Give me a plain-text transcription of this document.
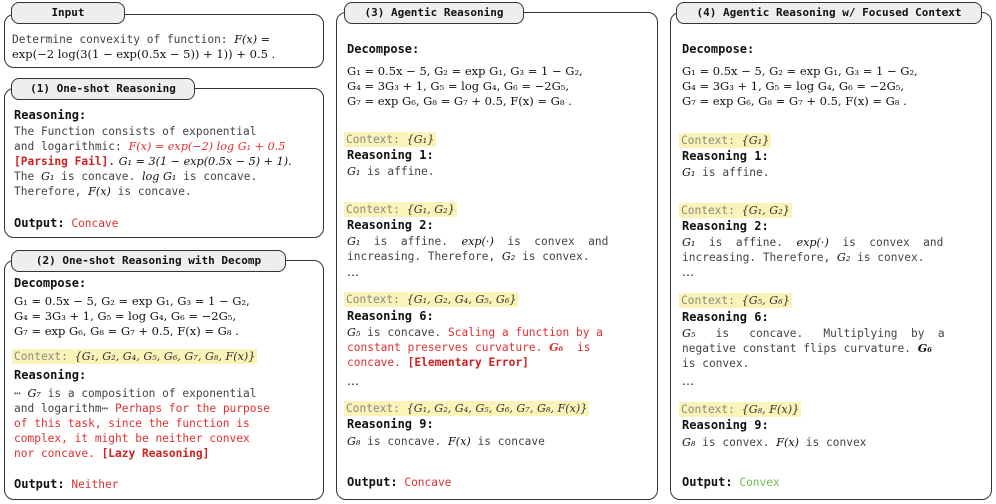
Input
Determine convexity of function: F(x) =
exp(−2 log(3(1 − exp(0.5x − 5)) + 1)) + 0.5 .
(1) One-shot Reasoning
Reasoning:
The Function consists of exponential
and logarithmic: F(x) = exp(−2) log G₁ + 0.5
[Parsing Fail]. G₁ = 3(1 − exp(0.5x − 5) + 1).
The G₁ is concave. log G₁ is concave.
Therefore, F(x) is concave.
Output: Concave
(2) One-shot Reasoning with Decomp
Decompose:
G₁ = 0.5x − 5, G₂ = exp G₁, G₃ = 1 − G₂,
G₄ = 3G₃ + 1, G₅ = log G₄, G₆ = −2G₅,
G₇ = exp G₆, G₈ = G₇ + 0.5, F(x) = G₈ .
Context: {G₁, G₂, G₄, G₅, G₆, G₇, G₈, F(x)}
Reasoning:
⋯ G₇ is a composition of exponential
and logarithm⋯ Perhaps for the purpose
of this task, since the function is
complex, it might be neither convex
nor concave. [Lazy Reasoning]
Output: Neither
(3) Agentic Reasoning
Decompose:
G₁ = 0.5x − 5, G₂ = exp G₁, G₃ = 1 − G₂,
G₄ = 3G₃ + 1, G₅ = log G₄, G₆ = −2G₅,
G₇ = exp G₆, G₈ = G₇ + 0.5, F(x) = G₈ .
Context: {G₁}
Reasoning 1:
G₁ is affine.
Context: {G₁, G₂}
Reasoning 2:
G₁  is  affine.  exp(·)  is  convex  and
increasing. Therefore, G₂ is convex.
⋯
Context: {G₁, G₂, G₄, G₅, G₆}
Reasoning 6:
G₅ is concave. Scaling a function by a
constant preserves curvature. G₆  is
concave. [Elementary Error]
⋯
Context: {G₁, G₂, G₄, G₅, G₆, G₇, G₈, F(x)}
Reasoning 9:
G₈ is concave. F(x) is concave
Output: Concave
(4) Agentic Reasoning w/ Focused Context
Decompose:
G₁ = 0.5x − 5, G₂ = exp G₁, G₃ = 1 − G₂,
G₄ = 3G₃ + 1, G₅ = log G₄, G₆ = −2G₅,
G₇ = exp G₆, G₈ = G₇ + 0.5, F(x) = G₈ .
Context: {G₁}
Reasoning 1:
G₁ is affine.
Context: {G₁, G₂}
Reasoning 2:
G₁  is  affine.  exp(·)  is  convex  and
increasing. Therefore, G₂ is convex.
⋯
Context: {G₅, G₆}
Reasoning 6:
G₅   is   concave.   Multiplying  by  a
negative constant flips curvature. G₆
is convex.
⋯
Context: {G₈, F(x)}
Reasoning 9:
G₈ is convex. F(x) is convex
Output: Convex
